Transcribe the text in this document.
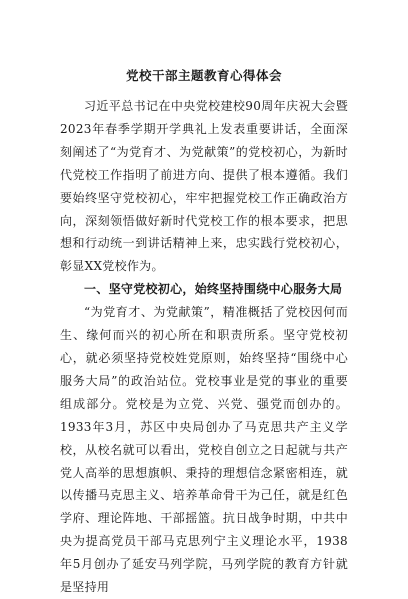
党校干部主题教育心得体会

习近平总书记在中央党校建校90周年庆祝大会暨2023年春季学期开学典礼上发表重要讲话，全面深刻阐述了“为党育才、为党献策”的党校初心，为新时代党校工作指明了前进方向、提供了根本遵循。我们要始终坚守党校初心，牢牢把握党校工作正确政治方向，深刻领悟做好新时代党校工作的根本要求，把思想和行动统一到讲话精神上来，忠实践行党校初心，彰显XX党校作为。

一、坚守党校初心，始终坚持围绕中心服务大局

“为党育才、为党献策”，精准概括了党校因何而生、缘何而兴的初心所在和职责所系。坚守党校初心，就必须坚持党校姓党原则，始终坚持“围绕中心服务大局”的政治站位。党校事业是党的事业的重要组成部分。党校是为立党、兴党、强党而创办的。1933年3月，苏区中央局创办了马克思共产主义学校，从校名就可以看出，党校自创立之日起就与共产党人高举的思想旗帜、秉持的理想信念紧密相连，就以传播马克思主义、培养革命骨干为己任，就是红色学府、理论阵地、干部摇篮。抗日战争时期，中共中央为提高党员干部马克思列宁主义理论水平，1938年5月创办了延安马列学院，马列学院的教育方针就是坚持用
